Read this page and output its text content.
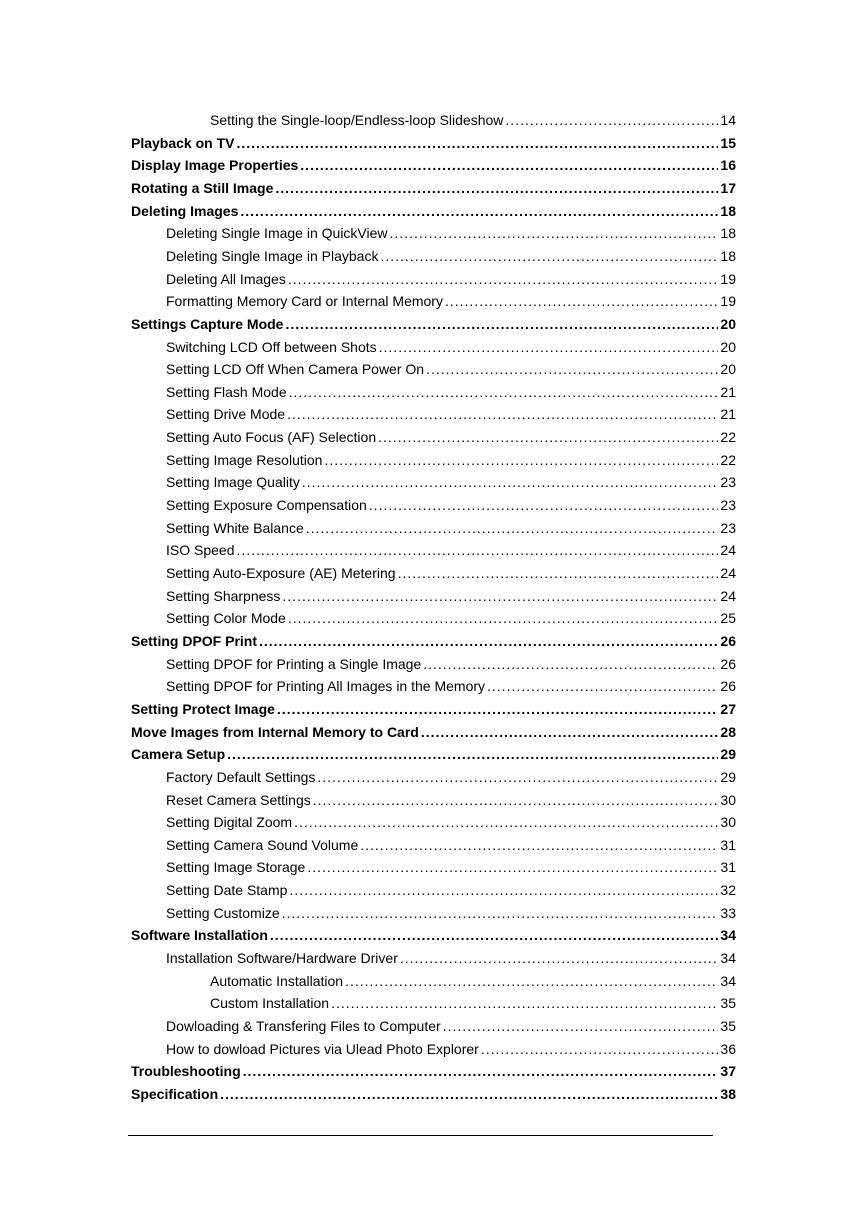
Setting the Single-loop/Endless-loop Slideshow .....	14
Playback on TV .....	15
Display Image Properties .....	16
Rotating a Still Image .....	17
Deleting Images .....	18
Deleting Single Image in QuickView .....	18
Deleting Single Image in Playback .....	18
Deleting All Images .....	19
Formatting Memory Card or Internal Memory .....	19
Settings Capture Mode .....	20
Switching LCD Off between Shots .....	20
Setting LCD Off When Camera Power On .....	20
Setting Flash Mode .....	21
Setting Drive Mode .....	21
Setting Auto Focus (AF) Selection .....	22
Setting Image Resolution .....	22
Setting Image Quality .....	23
Setting Exposure Compensation .....	23
Setting White Balance .....	23
ISO Speed .....	24
Setting Auto-Exposure (AE) Metering .....	24
Setting Sharpness .....	24
Setting Color Mode .....	25
Setting DPOF Print .....	26
Setting DPOF for Printing a Single Image .....	26
Setting DPOF for Printing All Images in the Memory .....	26
Setting Protect Image .....	27
Move Images from Internal Memory to Card .....	28
Camera Setup .....	29
Factory Default Settings .....	29
Reset Camera Settings .....	30
Setting Digital Zoom .....	30
Setting Camera Sound Volume .....	31
Setting Image Storage .....	31
Setting Date Stamp .....	32
Setting Customize .....	33
Software Installation .....	34
Installation Software/Hardware Driver .....	34
Automatic Installation .....	34
Custom Installation .....	35
Dowloading & Transfering Files to Computer .....	35
How to dowload Pictures via Ulead Photo Explorer .....	36
Troubleshooting .....	37
Specification .....	38
